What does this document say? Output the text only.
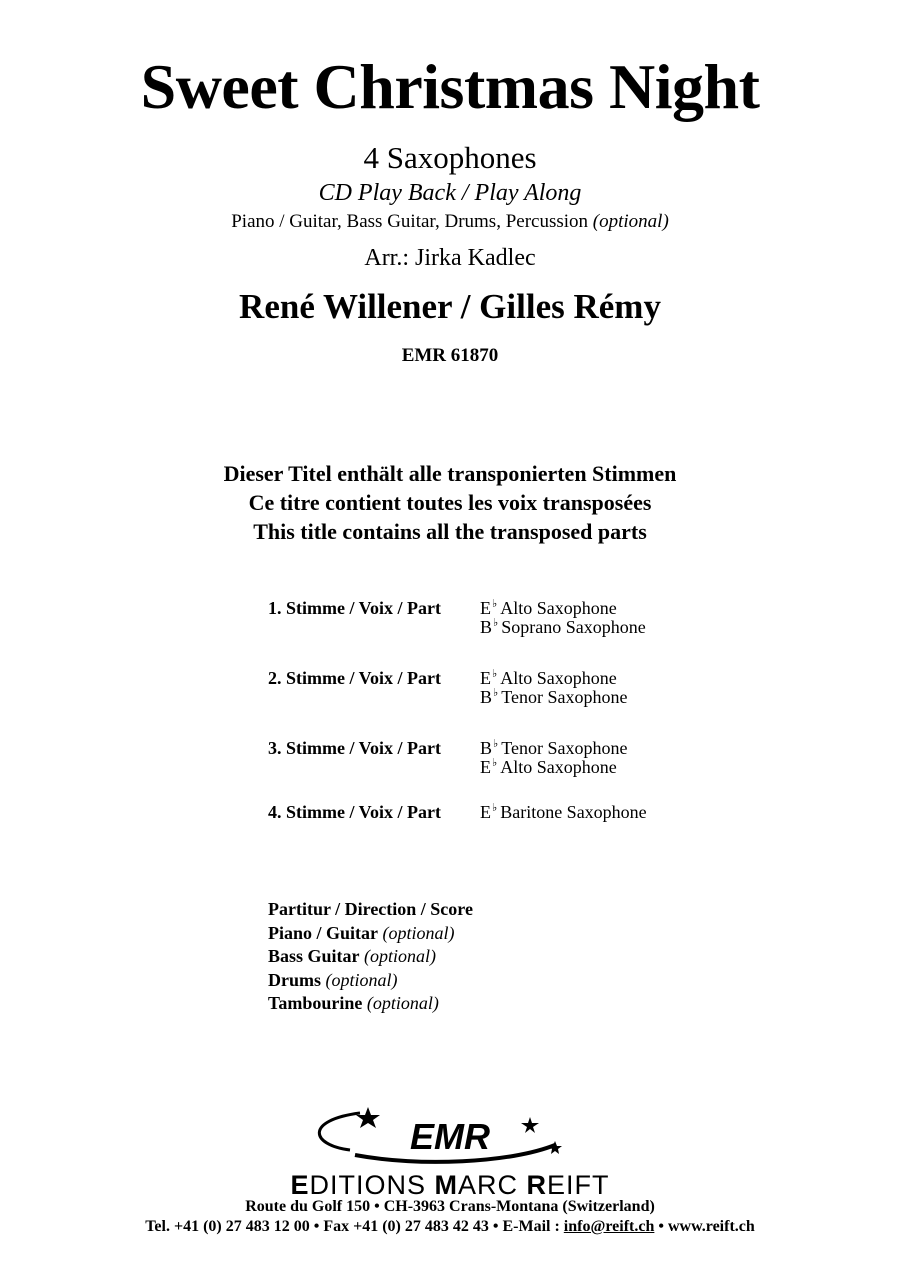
Sweet Christmas Night
4 Saxophones
CD Play Back / Play Along
Piano / Guitar, Bass Guitar, Drums, Percussion (optional)
Arr.: Jirka Kadlec
René Willener / Gilles Rémy
EMR 61870
Dieser Titel enthält alle transponierten Stimmen
Ce titre contient toutes les voix transposées
This title contains all the transposed parts
1. Stimme / Voix / Part E♭ Alto Saxophone
B♭ Soprano Saxophone
2. Stimme / Voix / Part E♭ Alto Saxophone
B♭ Tenor Saxophone
3. Stimme / Voix / Part B♭ Tenor Saxophone
E♭ Alto Saxophone
4. Stimme / Voix / Part E♭ Baritone Saxophone
Partitur / Direction / Score
Piano / Guitar (optional)
Bass Guitar (optional)
Drums (optional)
Tambourine (optional)
EMR
EDITIONS MARC REIFT
Route du Golf 150 • CH-3963 Crans-Montana (Switzerland)
Tel. +41 (0) 27 483 12 00 • Fax +41 (0) 27 483 42 43 • E-Mail : info@reift.ch • www.reift.ch
